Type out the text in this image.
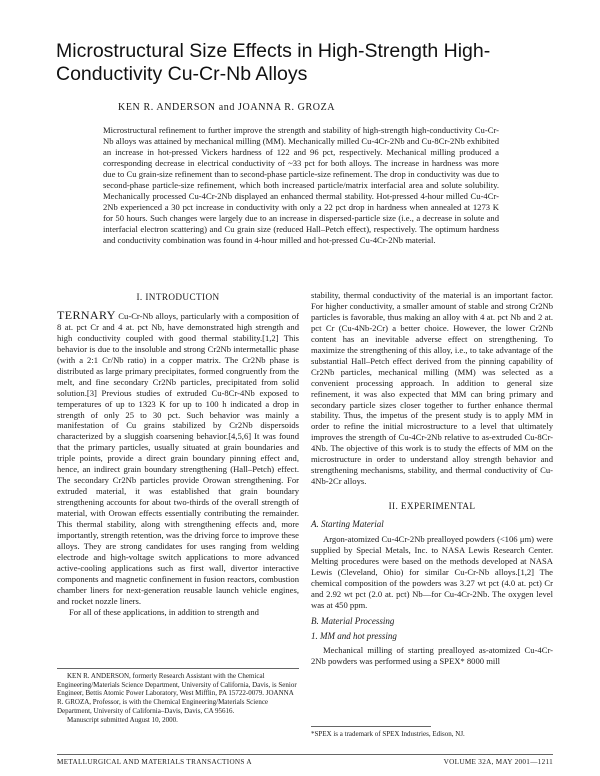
Microstructural Size Effects in High-Strength High-
Conductivity Cu-Cr-Nb Alloys
KEN R. ANDERSON and JOANNA R. GROZA

Microstructural refinement to further improve the strength and stability of high-strength high-conductivity Cu-Cr-Nb alloys was attained by mechanical milling (MM). Mechanically milled Cu-4Cr-2Nb and Cu-8Cr-2Nb exhibited an increase in hot-pressed Vickers hardness of 122 and 96 pct, respectively. Mechanical milling produced a corresponding decrease in electrical conductivity of ~33 pct for both alloys. The increase in hardness was more due to Cu grain-size refinement than to second-phase particle-size refinement. The drop in conductivity was due to second-phase particle-size refinement, which both increased particle/matrix interfacial area and solute solubility. Mechanically processed Cu-4Cr-2Nb displayed an enhanced thermal stability. Hot-pressed 4-hour milled Cu-4Cr-2Nb experienced a 30 pct increase in conductivity with only a 22 pct drop in hardness when annealed at 1273 K for 50 hours. Such changes were largely due to an increase in dispersed-particle size (i.e., a decrease in solute and interfacial electron scattering) and Cu grain size (reduced Hall–Petch effect), respectively. The optimum hardness and conductivity combination was found in 4-hour milled and hot-pressed Cu-4Cr-2Nb material.

I. INTRODUCTION

TERNARY Cu-Cr-Nb alloys, particularly with a composition of 8 at. pct Cr and 4 at. pct Nb, have demonstrated high strength and high conductivity coupled with good thermal stability.[1,2] This behavior is due to the insoluble and strong Cr2Nb intermetallic phase (with a 2:1 Cr/Nb ratio) in a copper matrix. The Cr2Nb phase is distributed as large primary precipitates, formed congruently from the melt, and fine secondary Cr2Nb particles, precipitated from solid solution.[3] Previous studies of extruded Cu-8Cr-4Nb exposed to temperatures of up to 1323 K for up to 100 h indicated a drop in strength of only 25 to 30 pct. Such behavior was mainly a manifestation of Cu grains stabilized by Cr2Nb dispersoids characterized by a sluggish coarsening behavior.[4,5,6] It was found that the primary particles, usually situated at grain boundaries and triple points, provide a direct grain boundary pinning effect and, hence, an indirect grain boundary strengthening (Hall–Petch) effect. The secondary Cr2Nb particles provide Orowan strengthening. For extruded material, it was established that grain boundary strengthening accounts for about two-thirds of the overall strength of material, with Orowan effects essentially contributing the remainder. This thermal stability, along with strengthening effects and, more importantly, strength retention, was the driving force to improve these alloys. They are strong candidates for uses ranging from welding electrode and high-voltage switch applications to more advanced active-cooling applications such as first wall, divertor interactive components and magnetic confinement in fusion reactors, combustion chamber liners for next-generation reusable launch vehicle engines, and rocket nozzle liners.

For all of these applications, in addition to strength and

stability, thermal conductivity of the material is an important factor. For higher conductivity, a smaller amount of stable and strong Cr2Nb particles is favorable, thus making an alloy with 4 at. pct Nb and 2 at. pct Cr (Cu-4Nb-2Cr) a better choice. However, the lower Cr2Nb content has an inevitable adverse effect on strengthening. To maximize the strengthening of this alloy, i.e., to take advantage of the substantial Hall–Petch effect derived from the pinning capability of Cr2Nb particles, mechanical milling (MM) was selected as a convenient processing approach. In addition to general size refinement, it was also expected that MM can bring primary and secondary particle sizes closer together to further enhance thermal stability. Thus, the impetus of the present study is to apply MM in order to refine the initial microstructure to a level that ultimately improves the strength of Cu-4Cr-2Nb relative to as-extruded Cu-8Cr-4Nb. The objective of this work is to study the effects of MM on the microstructure in order to understand alloy strength behavior and strengthening mechanisms, stability, and thermal conductivity of Cu-4Nb-2Cr alloys.

II. EXPERIMENTAL
A. Starting Material

Argon-atomized Cu-4Cr-2Nb prealloyed powders (<106 μm) were supplied by Special Metals, Inc. to NASA Lewis Research Center. Melting procedures were based on the methods developed at NASA Lewis (Cleveland, Ohio) for similar Cu-Cr-Nb alloys.[1,2] The chemical composition of the powders was 3.27 wt pct (4.0 at. pct) Cr and 2.92 wt pct (2.0 at. pct) Nb—for Cu-4Cr-2Nb. The oxygen level was at 450 ppm.

B. Material Processing
1. MM and hot pressing

Mechanical milling of starting prealloyed as-atomized Cu-4Cr-2Nb powders was performed using a SPEX* 8000 mill

KEN R. ANDERSON, formerly Research Assistant with the Chemical Engineering/Materials Science Department, University of California, Davis, is Senior Engineer, Bettis Atomic Power Laboratory, West Mifflin, PA 15722-0079. JOANNA R. GROZA, Professor, is with the Chemical Engineering/Materials Science Department, University of California–Davis, Davis, CA 95616.

Manuscript submitted August 10, 2000.

*SPEX is a trademark of SPEX Industries, Edison, NJ.
METALLURGICAL AND MATERIALS TRANSACTIONS A	VOLUME 32A, MAY 2001—1211
